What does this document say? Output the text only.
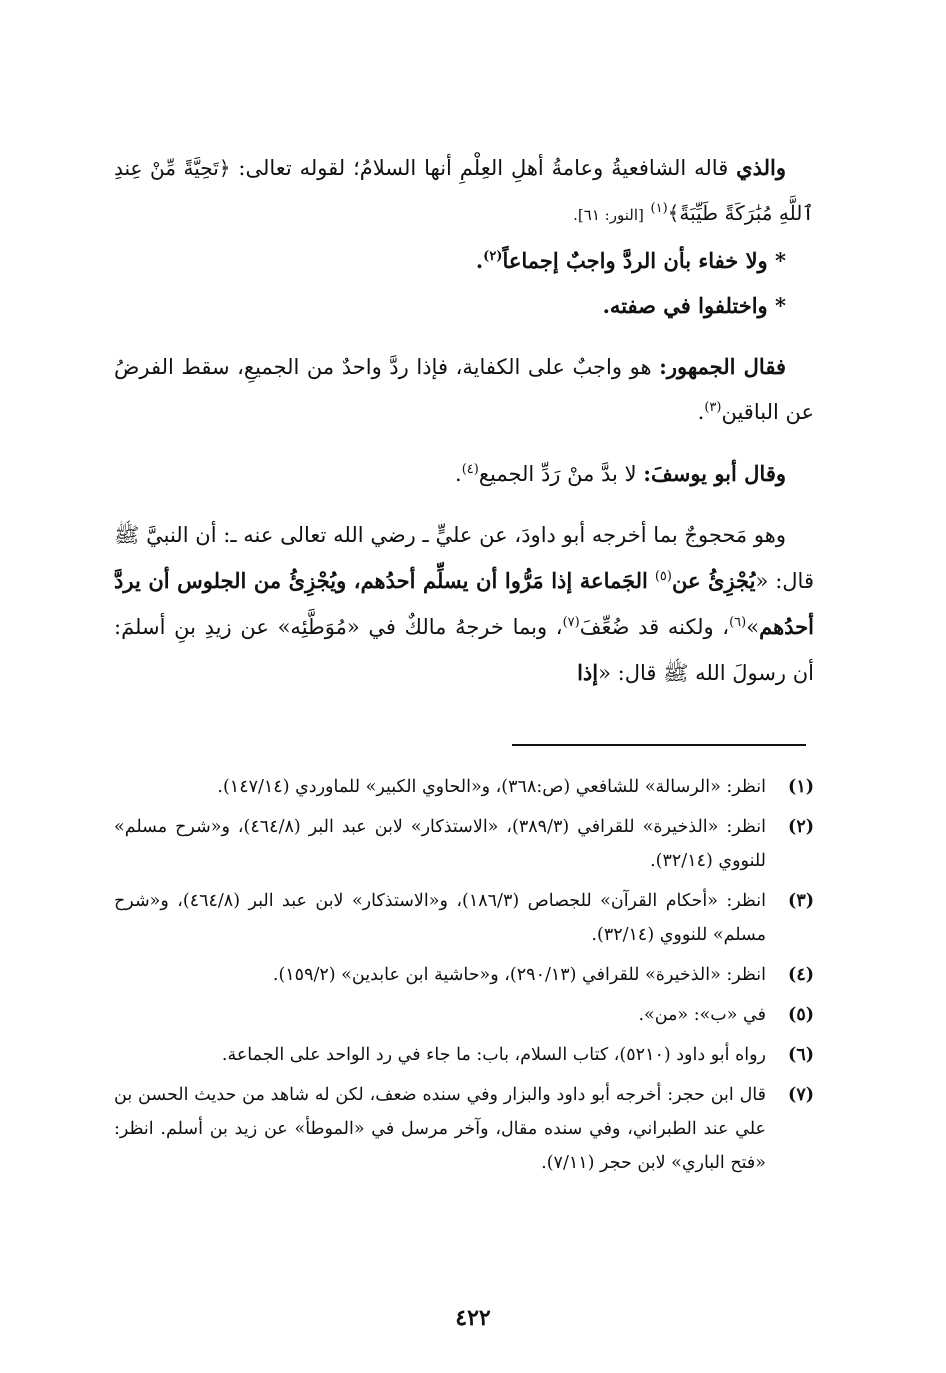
والذي قاله الشافعيةُ وعامةُ أهلِ العِلْمِ أنها السلامُ؛ لقوله تعالى: ﴿تَحِيَّةً مِّنْ عِندِ ٱللَّهِ مُبَٰرَكَةً طَيِّبَةً﴾$^{(١)}$ [النور: ٦١].

* ولا خفاء بأن الردَّ واجبٌ إجماعاً$^{(٢)}$.

* واختلفوا في صفته.

فقال الجمهور: هو واجبٌ على الكفاية، فإذا ردَّ واحدٌ من الجميعِ، سقط الفرضُ عن الباقين$^{(٣)}$.

وقال أبو يوسفَ: لا بدَّ منْ رَدِّ الجميع$^{(٤)}$.

وهو مَحجوجٌ بما أخرجه أبو داودَ، عن عليٍّ ـ رضي الله تعالى عنه ـ: أن النبيَّ ﷺ قال: «يُجْزِئُ عن$^{(٥)}$ الجَماعة إذا مَرُّوا أن يسلِّم أحدُهم، ويُجْزِئُ من الجلوس أن يردَّ أحدُهم»$^{(٦)}$، ولكنه قد ضُعِّفَ$^{(٧)}$، وبما خرجهُ مالكٌ في «مُوَطَّئِه» عن زيدِ بنِ أسلمَ: أن رسولَ الله ﷺ قال: «إذا

(١)
انظر: «الرسالة» للشافعي (ص:٣٦٨)، و«الحاوي الكبير» للماوردي (١٤٧/١٤).
(٢)
انظر: «الذخيرة» للقرافي (٣٨٩/٣)، «الاستذكار» لابن عبد البر (٤٦٤/٨)، و«شرح مسلم» للنووي (٣٢/١٤).
(٣)
انظر: «أحكام القرآن» للجصاص (١٨٦/٣)، و«الاستذكار» لابن عبد البر (٤٦٤/٨)، و«شرح مسلم» للنووي (٣٢/١٤).
(٤)
انظر: «الذخيرة» للقرافي (٢٩٠/١٣)، و«حاشية ابن عابدين» (١٥٩/٢).
(٥)
في «ب»: «من».
(٦)
رواه أبو داود (٥٢١٠)، كتاب السلام، باب: ما جاء في رد الواحد على الجماعة.
(٧)
قال ابن حجر: أخرجه أبو داود والبزار وفي سنده ضعف، لكن له شاهد من حديث الحسن بن علي عند الطبراني، وفي سنده مقال، وآخر مرسل في «الموطأ» عن زيد بن أسلم. انظر: «فتح الباري» لابن حجر (٧/١١).
٤٢٢
